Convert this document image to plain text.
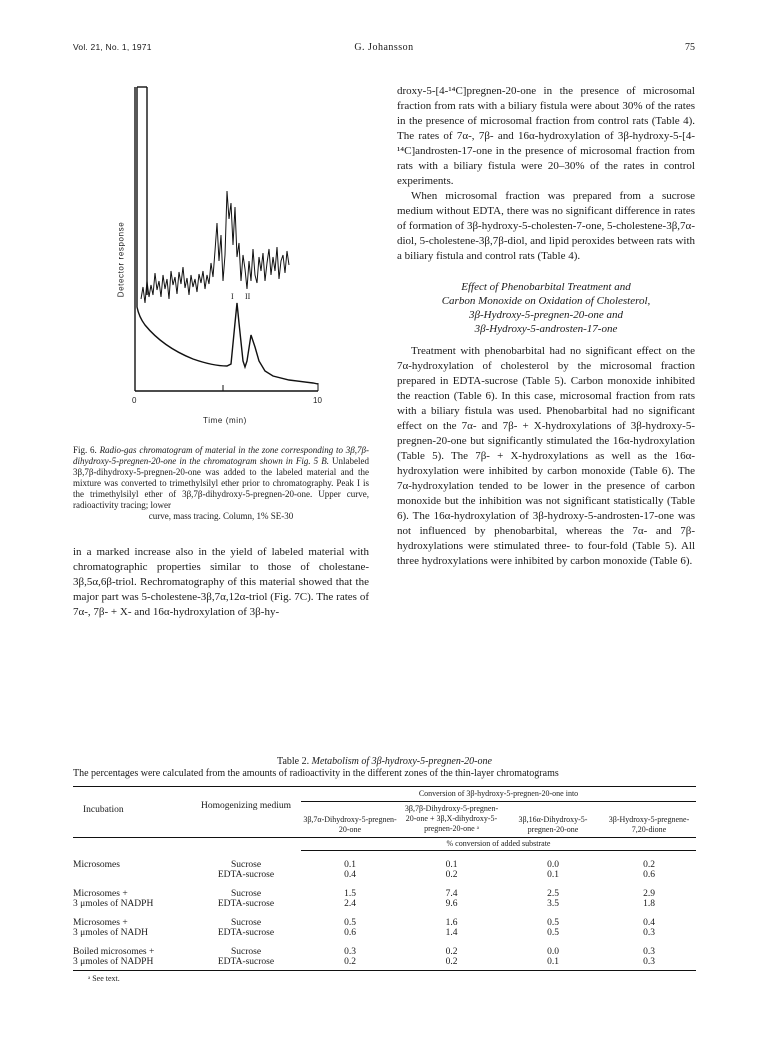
Vol. 21, No. 1, 1971	G. Johansson	75
Detector response
0	10
Time (min)
I II
Fig. 6. Radio-gas chromatogram of material in the zone corresponding to 3β,7β-dihydroxy-5-pregnen-20-one in the chromatogram shown in Fig. 5 B. Unlabeled 3β,7β-dihydroxy-5-pregnen-20-one was added to the labeled material and the mixture was converted to trimethylsilyl ether prior to chromatography. Peak I is the trimethylsilyl ether of 3β,7β-dihydroxy-5-pregnen-20-one. Upper curve, radioactivity tracing; lower
curve, mass tracing. Column, 1% SE-30

in a marked increase also in the yield of labeled material with chromatographic properties similar to those of cholestane-3β,5α,6β-triol. Rechromatography of this material showed that the major part was 5-cholestene-3β,7α,12α-triol (Fig. 7C). The rates of 7α-, 7β- + X- and 16α-hydroxylation of 3β-hy-

droxy-5-[4-¹⁴C]pregnen-20-one in the presence of microsomal fraction from rats with a biliary fistula were about 30% of the rates in the presence of microsomal fraction from control rats (Table 4). The rates of 7α-, 7β- and 16α-hydroxylation of 3β-hydroxy-5-[4-¹⁴C]androsten-17-one in the presence of microsomal fraction from rats with a biliary fistula were 20–30% of the rates in control experiments.

When microsomal fraction was prepared from a sucrose medium without EDTA, there was no significant difference in rates of formation of 3β-hydroxy-5-cholesten-7-one, 5-cholestene-3β,7α-diol, 5-cholestene-3β,7β-diol, and lipid peroxides between rats with a biliary fistula and control rats (Table 4).

Effect of Phenobarbital Treatment and
Carbon Monoxide on Oxidation of Cholesterol,
3β-Hydroxy-5-pregnen-20-one and
3β-Hydroxy-5-androsten-17-one

Treatment with phenobarbital had no significant effect on the 7α-hydroxylation of cholesterol by the microsomal fraction prepared in EDTA-sucrose (Table 5). Carbon monoxide inhibited the reaction (Table 6). In this case, microsomal fraction from rats with a biliary fistula was used. Phenobarbital had no significant effect on the 7α- and 7β- + X-hydroxylations of 3β-hydroxy-5-pregnen-20-one but significantly stimulated the 16α-hydroxylation (Table 5). The 7β- + X-hydroxylations as well as the 16α-hydroxylation were inhibited by carbon monoxide (Table 6). The 7α-hydroxylation tended to be lower in the presence of carbon monoxide but the inhibition was not significant statistically (Table 6). The 16α-hydroxylation of 3β-hydroxy-5-androsten-17-one was not influenced by phenobarbital, whereas the 7α- and 7β-hydroxylations were stimulated three- to four-fold (Table 5). All three hydroxylations were inhibited by carbon monoxide (Table 6).

Table 2. Metabolism of 3β-hydroxy-5-pregnen-20-one
The percentages were calculated from the amounts of radioactivity in the different zones of the thin-layer chromatograms
Incubation	Homogenizing medium	Conversion of 3β-hydroxy-5-pregnen-20-one into			
		3β,7α-Dihydroxy-5-pregnen-20-one	3β,7β-Dihydroxy-5-pregnen-20-one + 3β,X-dihydroxy-5-pregnen-20-one ᵃ	3β,16α-Dihydroxy-5-pregnen-20-one	3β-Hydroxy-5-pregnene-7,20-dione
		% conversion of added substrate			
Microsomes	Sucrose	0.1	0.1	0.0	0.2
	EDTA-sucrose	0.4	0.2	0.1	0.6
Microsomes +	Sucrose	1.5	7.4	2.5	2.9
3 μmoles of NADPH	EDTA-sucrose	2.4	9.6	3.5	1.8
Microsomes +	Sucrose	0.5	1.6	0.5	0.4
3 μmoles of NADH	EDTA-sucrose	0.6	1.4	0.5	0.3
Boiled microsomes +	Sucrose	0.3	0.2	0.0	0.3
3 μmoles of NADPH	EDTA-sucrose	0.2	0.2	0.1	0.3
ᵃ See text.
